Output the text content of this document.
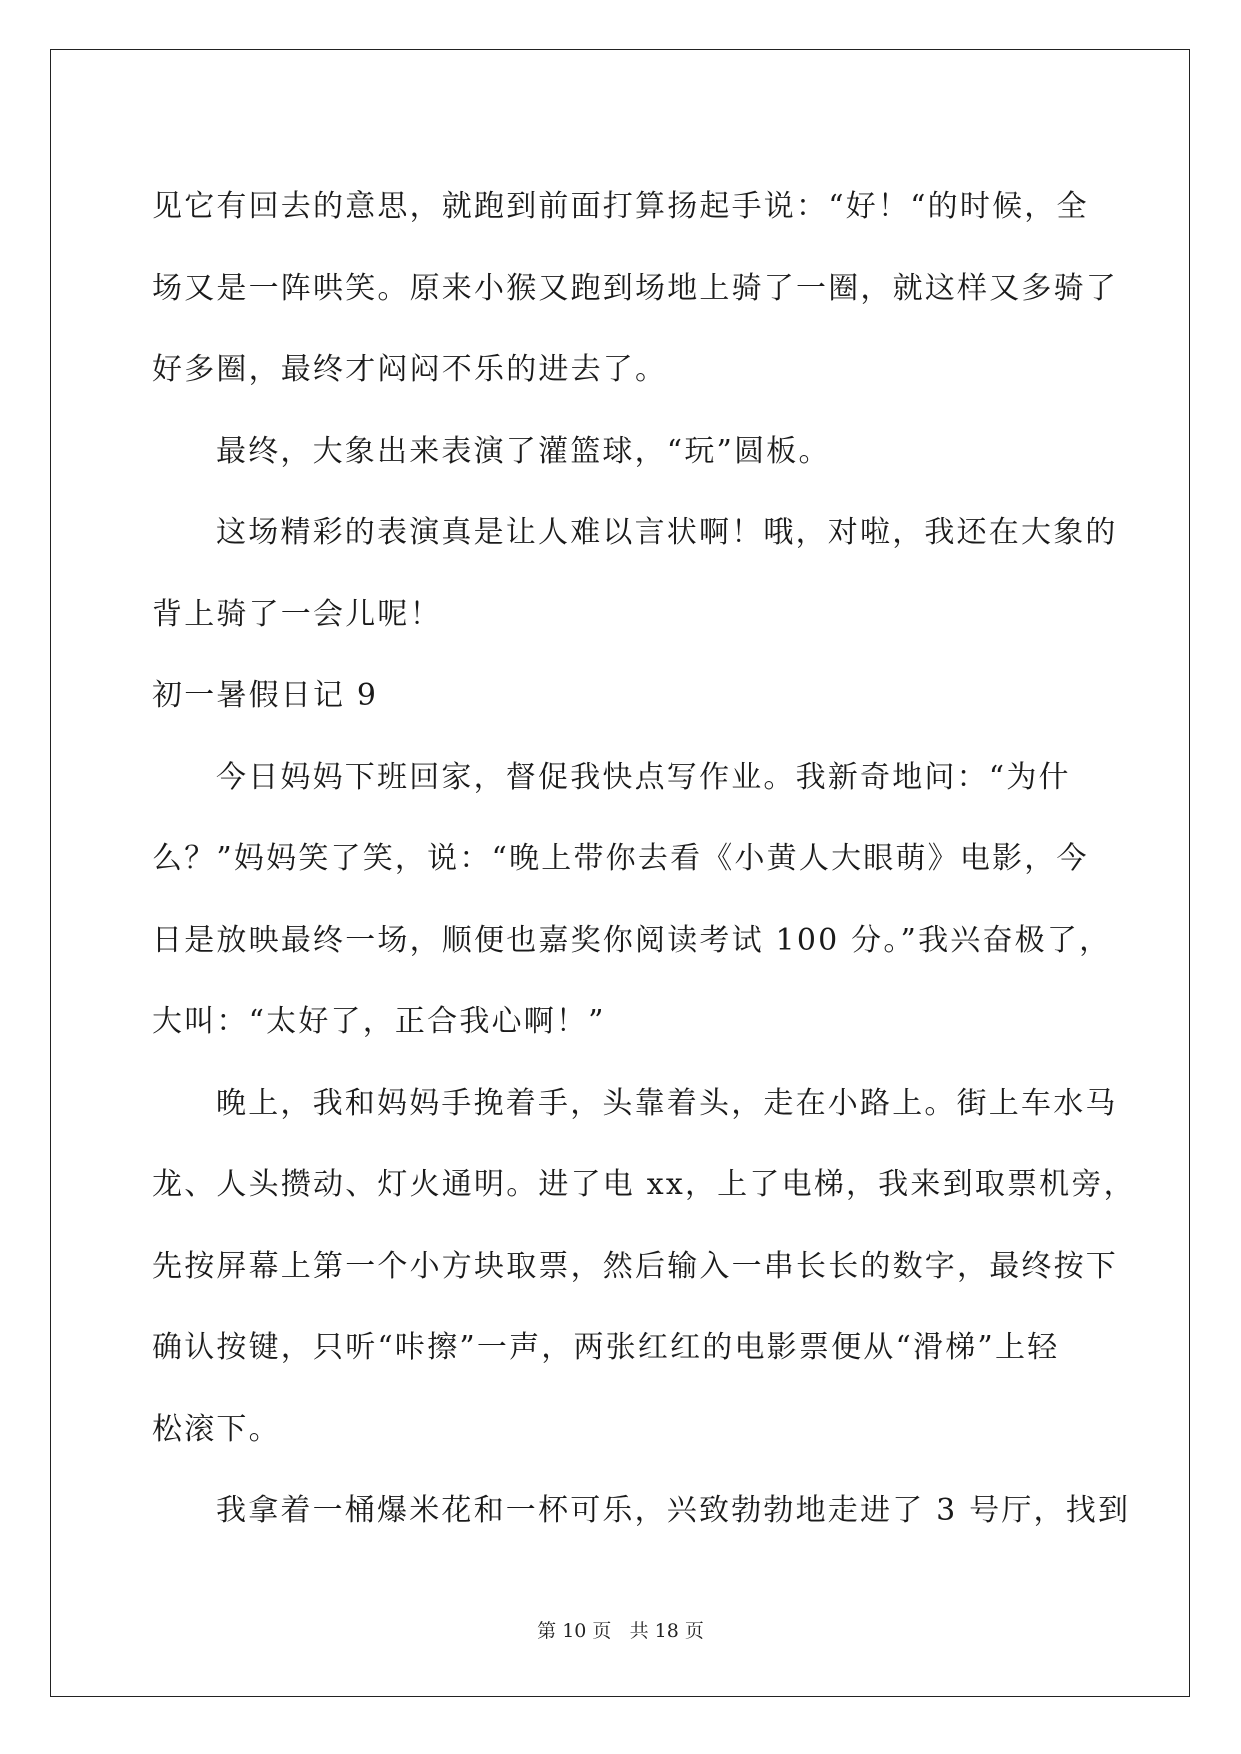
见它有回去的意思，就跑到前面打算扬起手说：“好！“的时候，全
场又是一阵哄笑。原来小猴又跑到场地上骑了一圈，就这样又多骑了
好多圈，最终才闷闷不乐的进去了。
最终，大象出来表演了灌篮球，“玩”圆板。
这场精彩的表演真是让人难以言状啊！哦，对啦，我还在大象的
背上骑了一会儿呢！
初一暑假日记 9
今日妈妈下班回家，督促我快点写作业。我新奇地问：“为什
么？”妈妈笑了笑，说：“晚上带你去看《小黄人大眼萌》电影，今
日是放映最终一场，顺便也嘉奖你阅读考试 100 分。”我兴奋极了，
大叫：“太好了，正合我心啊！”
晚上，我和妈妈手挽着手，头靠着头，走在小路上。街上车水马
龙、人头攒动、灯火通明。进了电 xx，上了电梯，我来到取票机旁，
先按屏幕上第一个小方块取票，然后输入一串长长的数字，最终按下
确认按键，只听“咔擦”一声，两张红红的电影票便从“滑梯”上轻
松滚下。
我拿着一桶爆米花和一杯可乐，兴致勃勃地走进了 3 号厅，找到
第 10 页 共 18 页
